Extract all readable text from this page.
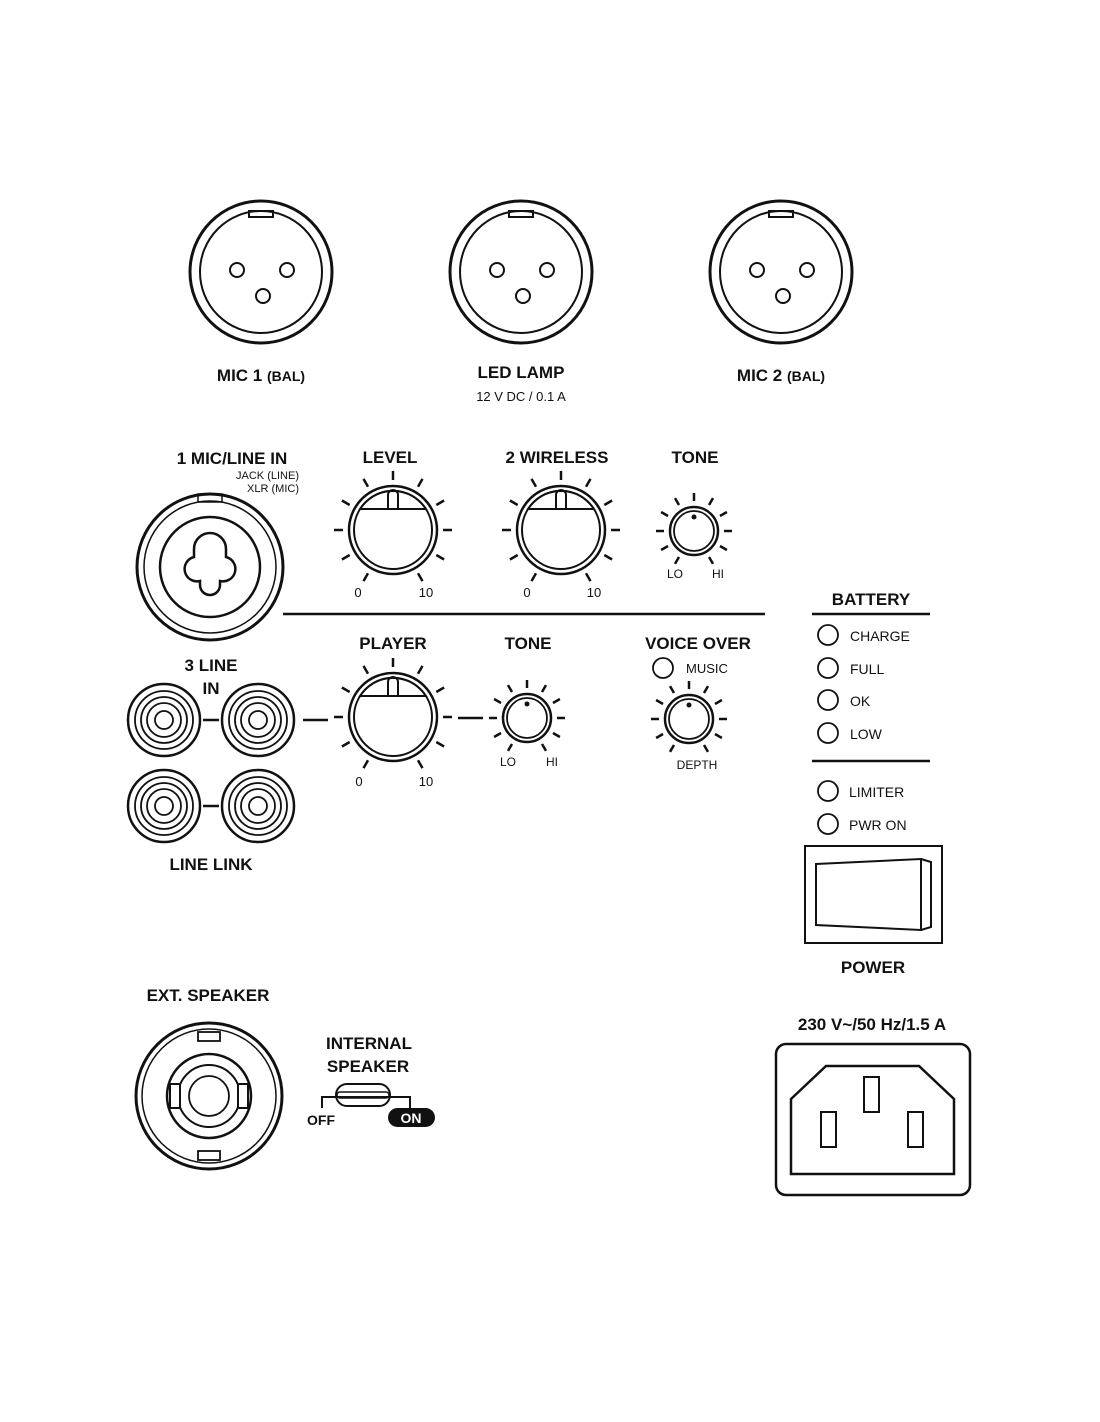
MIC 1 (BAL)	LED LAMP
12 V DC / 0.1 A
MIC 2 (BAL)
1 MIC/LINE IN
JACK (LINE)
XLR (MIC)
LEVEL
0	10
2 WIRELESS
0	10
TONE
LO HI
3 LINE
IN
PLAYER
0	10
TONE
LO HI
VOICE OVER
MUSIC
DEPTH
LINE LINK
BATTERY
CHARGE
FULL
OK
LOW
LIMITER
PWR ON
POWER
230 V~/50 Hz/1.5 A
EXT. SPEAKER
INTERNAL
SPEAKER
OFF	ON
